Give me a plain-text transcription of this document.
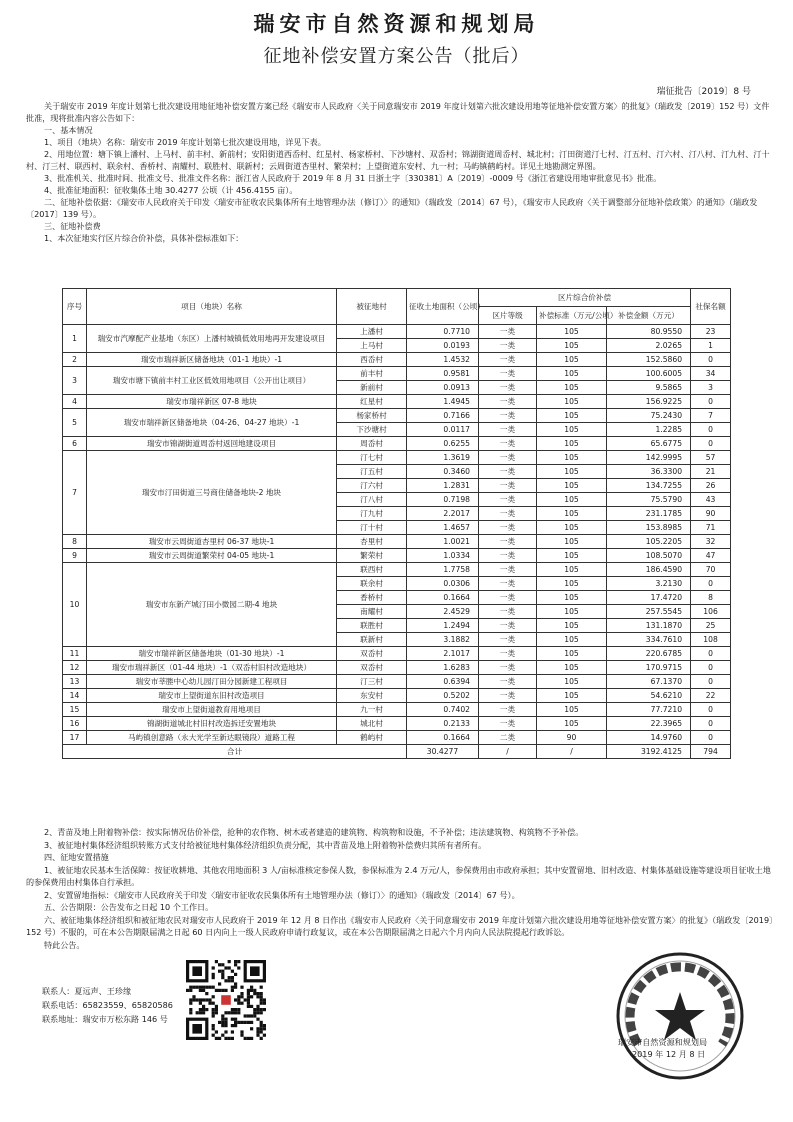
瑞安市自然资源和规划局
征地补偿安置方案公告（批后）
瑞征批告〔2019〕8 号

关于瑞安市 2019 年度计划第七批次建设用地征地补偿安置方案已经《瑞安市人民政府〈关于同意瑞安市 2019 年度计划第六批次建设用地等征地补偿安置方案〉的批复》（瑞政发〔2019〕152 号）文件批准，现将批准内容公告如下：

一、基本情况

1、项目（地块）名称：瑞安市 2019 年度计划第七批次建设用地，详见下表。

2、用地位置：塘下镇上潘村、上马村、前丰村、新前村；安阳街道西岙村、红星村、杨家桥村、下沙塘村、双岙村；锦湖街道周岙村、城北村；汀田街道汀七村、汀五村、汀六村、汀八村、汀九村、汀十村、汀三村、联西村、联余村、香桥村、南耀村、联胜村、联新村；云周街道杏里村、繁荣村；上望街道东安村、九一村；马屿镇鹤屿村。详见土地勘测定界图。

3、批准机关、批准时间、批准文号、批准文件名称：浙江省人民政府于 2019 年 8 月 31 日浙土字〔330381〕A〔2019〕-0009 号《浙江省建设用地审批意见书》批准。

4、批准征地面积：征收集体土地 30.4277 公顷（计 456.4155 亩）。

二、征地补偿依据：《瑞安市人民政府关于印发〈瑞安市征收农民集体所有土地管理办法（修订）〉的通知》（瑞政发〔2014〕67 号），《瑞安市人民政府〈关于调整部分征地补偿政策〉的通知》（瑞政发〔2017〕139 号）。

三、征地补偿费

1、本次征地实行区片综合价补偿，具体补偿标准如下：

序号	项目（地块）名称	被征地村	征收土地面积（公顷）	区片综合价补偿			社保名额
				区片等级	补偿标准（万元/公顷）	补偿金额（万元）	
1	瑞安市汽摩配产业基地（东区）上潘村城镇低效用地再开发建设项目	上潘村	0.7710	一类	105	80.9550	23
		上马村	0.0193	一类	105	2.0265	1
2	瑞安市瑞祥新区储备地块（01-1 地块）-1	西岙村	1.4532	一类	105	152.5860	0
3	瑞安市塘下镇前丰村工业区低效用地项目（公开出让项目）	前丰村	0.9581	一类	105	100.6005	34
		新前村	0.0913	一类	105	9.5865	3
4	瑞安市瑞祥新区 07-8 地块	红星村	1.4945	一类	105	156.9225	0
5	瑞安市瑞祥新区储备地块（04-26、04-27 地块）-1	杨家桥村	0.7166	一类	105	75.2430	7
		下沙塘村	0.0117	一类	105	1.2285	0
6	瑞安市锦湖街道周岙村返回地建设项目	周岙村	0.6255	一类	105	65.6775	0
7	瑞安市汀田街道三号商住储备地块-2 地块	汀七村	1.3619	一类	105	142.9995	57
		汀五村	0.3460	一类	105	36.3300	21
		汀六村	1.2831	一类	105	134.7255	26
		汀八村	0.7198	一类	105	75.5790	43
		汀九村	2.2017	一类	105	231.1785	90
		汀十村	1.4657	一类	105	153.8985	71
8	瑞安市云周街道杏里村 06-37 地块-1	杏里村	1.0021	一类	105	105.2205	32
9	瑞安市云周街道繁荣村 04-05 地块-1	繁荣村	1.0334	一类	105	108.5070	47
10	瑞安市东新产城汀田小微园二期-4 地块	联西村	1.7758	一类	105	186.4590	70
		联余村	0.0306	一类	105	3.2130	0
		香桥村	0.1664	一类	105	17.4720	8
		南耀村	2.4529	一类	105	257.5545	106
		联胜村	1.2494	一类	105	131.1870	25
		联新村	3.1882	一类	105	334.7610	108
11	瑞安市瑞祥新区储备地块（01-30 地块）-1	双岙村	2.1017	一类	105	220.6785	0
12	瑞安市瑞祥新区（01-44 地块）-1（双岙村旧村改造地块）	双岙村	1.6283	一类	105	170.9715	0
13	瑞安市莘塍中心幼儿园汀田分园新建工程项目	汀三村	0.6394	一类	105	67.1370	0
14	瑞安市上望街道东旧村改造项目	东安村	0.5202	一类	105	54.6210	22
15	瑞安市上望街道教育用地项目	九一村	0.7402	一类	105	77.7210	0
16	锦湖街道城北村旧村改造拆迁安置地块	城北村	0.2133	一类	105	22.3965	0
17	马屿镇创意路（永大光学至新达眼镜段）道路工程	鹤屿村	0.1664	二类	90	14.9760	0
合计			30.4277	/	/	3192.4125	794

2、青苗及地上附着物补偿：按实际情况估价补偿，抢种的农作物、树木或者建造的建筑物、构筑物和设施，不予补偿；违法建筑物、构筑物不予补偿。

3、被征地村集体经济组织转账方式支付给被征地村集体经济组织负责分配，其中青苗及地上附着物补偿费归其所有者所有。

四、征地安置措施

1、被征地农民基本生活保障：按征收耕地、其他农用地面积 3 人/亩标准核定参保人数，参保标准为 2.4 万元/人，参保费用由市政府承担；其中安置留地、旧村改造、村集体基础设施等建设项目征收土地的参保费用由村集体自行承担。

2、安置留地指标：《瑞安市人民政府关于印发〈瑞安市征收农民集体所有土地管理办法（修订）〉的通知》（瑞政发〔2014〕67 号）。

五、公告期限：公告发布之日起 10 个工作日。

六、被征地集体经济组织和被征地农民对瑞安市人民政府于 2019 年 12 月 8 日作出《瑞安市人民政府〈关于同意瑞安市 2019 年度计划第六批次建设用地等征地补偿安置方案〉的批复》（瑞政发〔2019〕152 号）不服的，可在本公告期限届满之日起 60 日内向上一级人民政府申请行政复议，或在本公告期限届满之日起六个月内向人民法院提起行政诉讼。

特此公告。

联系人：夏远声、王珍缘
联系电话：65823559、65820586
联系地址：瑞安市万松东路 146 号
瑞安市自然资源和规划局
2019 年 12 月 8 日
